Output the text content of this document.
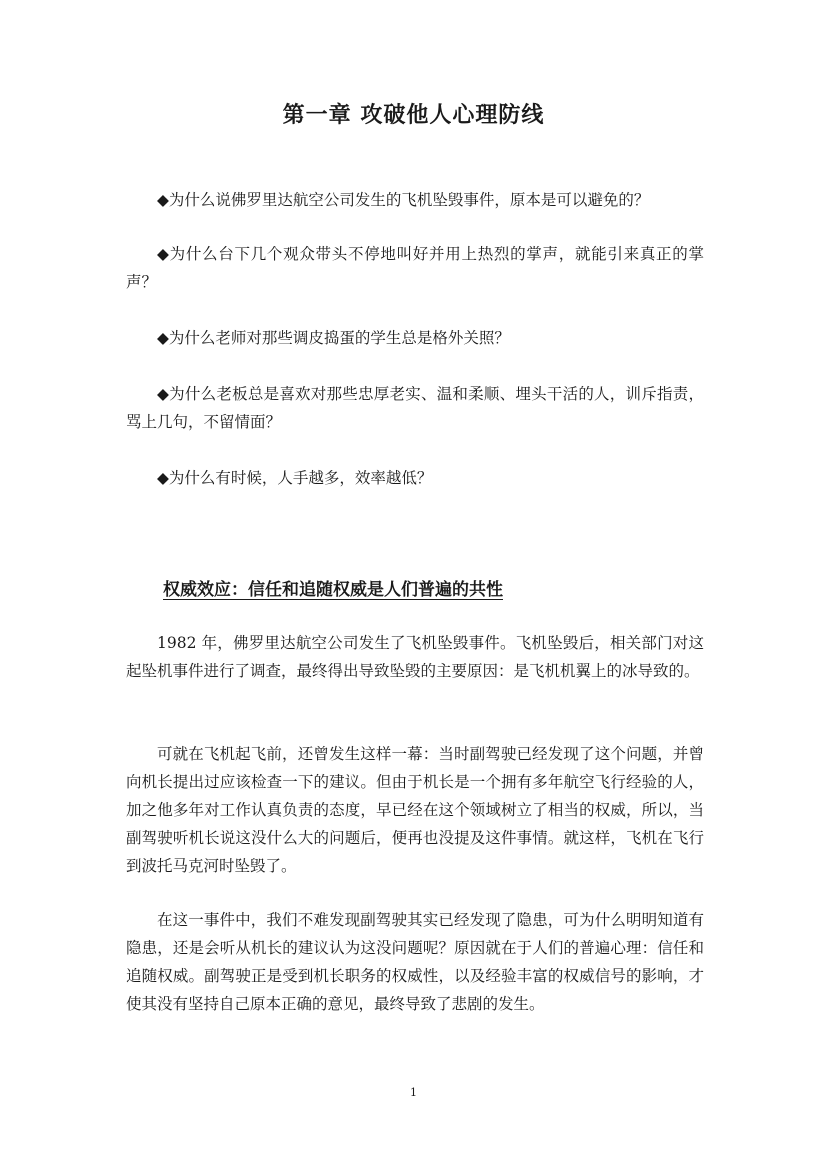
第一章 攻破他人心理防线

◆为什么说佛罗里达航空公司发生的飞机坠毁事件，原本是可以避免的？

◆为什么台下几个观众带头不停地叫好并用上热烈的掌声，就能引来真正的掌声？

◆为什么老师对那些调皮捣蛋的学生总是格外关照？

◆为什么老板总是喜欢对那些忠厚老实、温和柔顺、埋头干活的人，训斥指责，骂上几句，不留情面？

◆为什么有时候，人手越多，效率越低？

权威效应：信任和追随权威是人们普遍的共性

1982 年，佛罗里达航空公司发生了飞机坠毁事件。飞机坠毁后，相关部门对这起坠机事件进行了调查，最终得出导致坠毁的主要原因：是飞机机翼上的冰导致的。

可就在飞机起飞前，还曾发生这样一幕：当时副驾驶已经发现了这个问题，并曾向机长提出过应该检查一下的建议。但由于机长是一个拥有多年航空飞行经验的人，加之他多年对工作认真负责的态度，早已经在这个领域树立了相当的权威，所以，当副驾驶听机长说这没什么大的问题后，便再也没提及这件事情。就这样，飞机在飞行到波托马克河时坠毁了。

在这一事件中，我们不难发现副驾驶其实已经发现了隐患，可为什么明明知道有隐患，还是会听从机长的建议认为这没问题呢？原因就在于人们的普遍心理：信任和追随权威。副驾驶正是受到机长职务的权威性，以及经验丰富的权威信号的影响，才使其没有坚持自己原本正确的意见，最终导致了悲剧的发生。

1
